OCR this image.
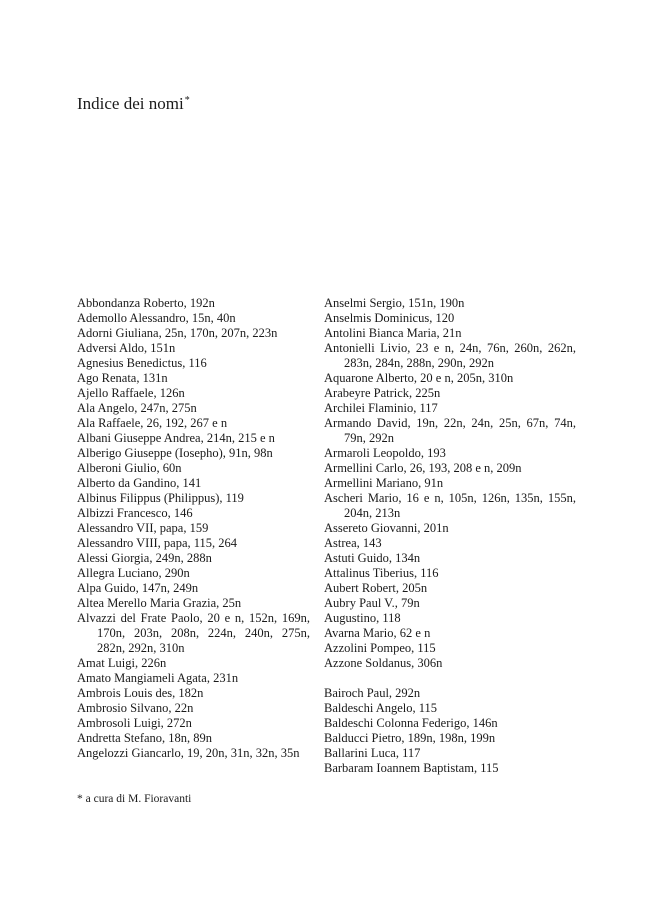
Indice dei nomi*
Abbondanza Roberto, 192n
Ademollo Alessandro, 15n, 40n
Adorni Giuliana, 25n, 170n, 207n, 223n
Adversi Aldo, 151n
Agnesius Benedictus, 116
Ago Renata, 131n
Ajello Raffaele, 126n
Ala Angelo, 247n, 275n
Ala Raffaele, 26, 192, 267 e n
Albani Giuseppe Andrea, 214n, 215 e n
Alberigo Giuseppe (Iosepho), 91n, 98n
Alberoni Giulio, 60n
Alberto da Gandino, 141
Albinus Filippus (Philippus), 119
Albizzi Francesco, 146
Alessandro VII, papa, 159
Alessandro VIII, papa, 115, 264
Alessi Giorgia, 249n, 288n
Allegra Luciano, 290n
Alpa Guido, 147n, 249n
Altea Merello Maria Grazia, 25n
Alvazzi del Frate Paolo, 20 e n, 152n, 169n, 170n, 203n, 208n, 224n, 240n, 275n, 282n, 292n, 310n
Amat Luigi, 226n
Amato Mangiameli Agata, 231n
Ambrois Louis des, 182n
Ambrosio Silvano, 22n
Ambrosoli Luigi, 272n
Andretta Stefano, 18n, 89n
Angelozzi Giancarlo, 19, 20n, 31n, 32n, 35n
Anselmi Sergio, 151n, 190n
Anselmis Dominicus, 120
Antolini Bianca Maria, 21n
Antonielli Livio, 23 e n, 24n, 76n, 260n, 262n, 283n, 284n, 288n, 290n, 292n
Aquarone Alberto, 20 e n, 205n, 310n
Arabeyre Patrick, 225n
Archilei Flaminio, 117
Armando David, 19n, 22n, 24n, 25n, 67n, 74n, 79n, 292n
Armaroli Leopoldo, 193
Armellini Carlo, 26, 193, 208 e n, 209n
Armellini Mariano, 91n
Ascheri Mario, 16 e n, 105n, 126n, 135n, 155n, 204n, 213n
Assereto Giovanni, 201n
Astrea, 143
Astuti Guido, 134n
Attalinus Tiberius, 116
Aubert Robert, 205n
Aubry Paul V., 79n
Augustino, 118
Avarna Mario, 62 e n
Azzolini Pompeo, 115
Azzone Soldanus, 306n
Bairoch Paul, 292n
Baldeschi Angelo, 115
Baldeschi Colonna Federigo, 146n
Balducci Pietro, 189n, 198n, 199n
Ballarini Luca, 117
Barbaram Ioannem Baptistam, 115
* a cura di M. Fioravanti
